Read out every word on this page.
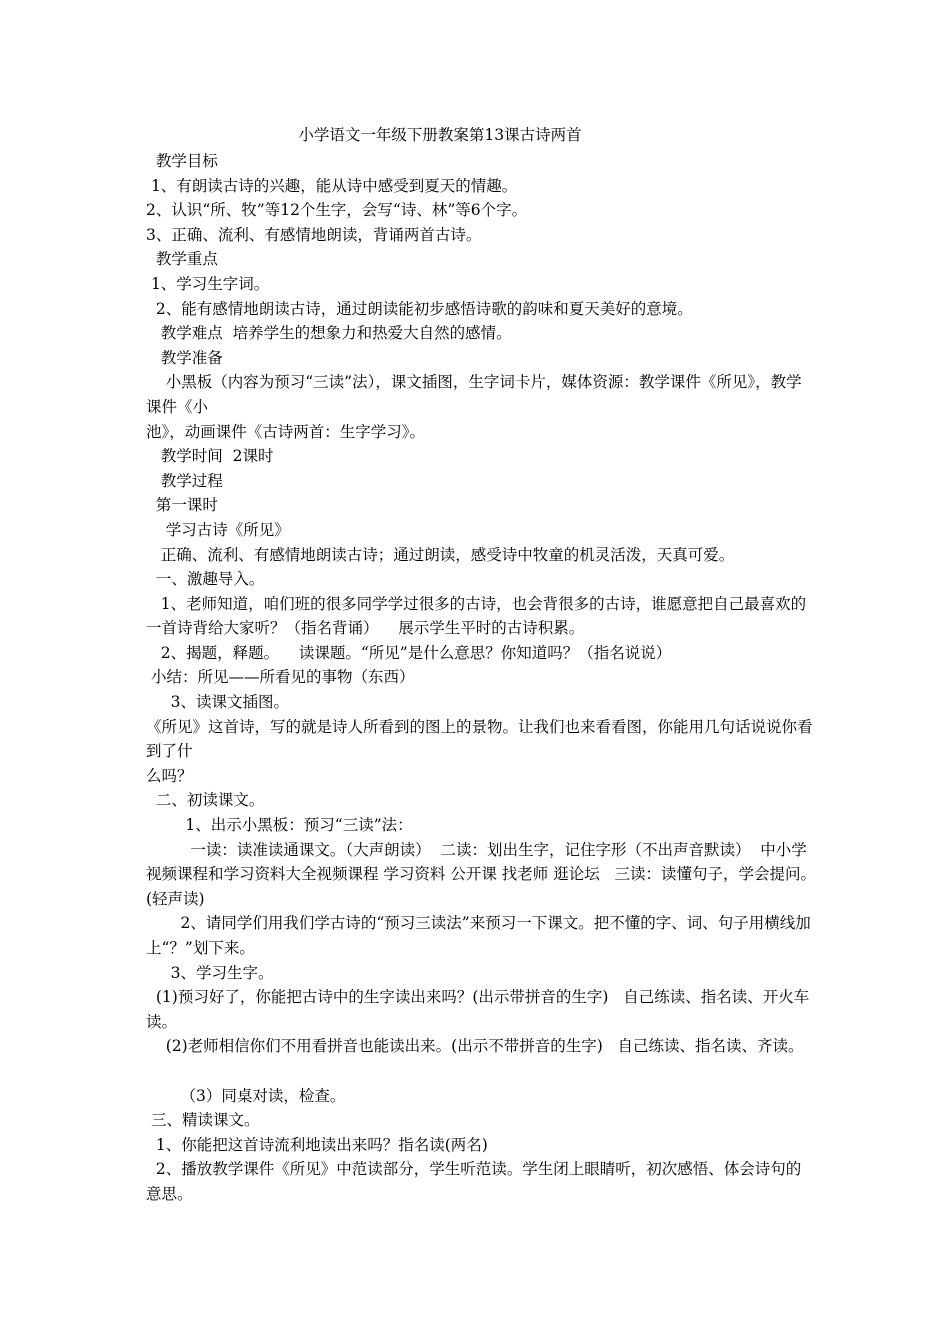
小学语文一年级下册教案第13课古诗两首
教学目标
1、有朗读古诗的兴趣，能从诗中感受到夏天的情趣。
2、认识“所、牧”等12个生字，会写“诗、林”等6个字。
3、正确、流利、有感情地朗读，背诵两首古诗。
教学重点
1、学习生字词。
2、能有感情地朗读古诗，通过朗读能初步感悟诗歌的韵味和夏天美好的意境。
教学难点  培养学生的想象力和热爱大自然的感情。
教学准备
小黑板（内容为预习“三读”法），课文插图，生字词卡片，媒体资源：教学课件《所见》，教学课件《小
池》，动画课件《古诗两首：生字学习》。
教学时间  2课时
教学过程
第一课时
学习古诗《所见》
正确、流利、有感情地朗读古诗；通过朗读，感受诗中牧童的机灵活泼，天真可爱。
一、激趣导入。
1、老师知道，咱们班的很多同学学过很多的古诗，也会背很多的古诗，谁愿意把自己最喜欢的一首诗背给大家听？（指名背诵）    展示学生平时的古诗积累。
2、揭题，释题。    读课题。“所见”是什么意思？你知道吗？（指名说说）
小结：所见——所看见的事物（东西）
3、读课文插图。
《所见》这首诗，写的就是诗人所看到的图上的景物。让我们也来看看图，你能用几句话说说你看到了什
么吗？
二、初读课文。
1、出示小黑板：预习“三读”法：
一读：读准读通课文。（大声朗读）  二读：划出生字，记住字形（不出声音默读）  中小学视频课程和学习资料大全视频课程 学习资料 公开课 找老师 逛论坛   三读：读懂句子，学会提问。(轻声读)
2、请同学们用我们学古诗的“预习三读法”来预习一下课文。把不懂的字、词、句子用横线加上“？”划下来。
3、学习生字。
(1)预习好了，你能把古诗中的生字读出来吗？(出示带拼音的生字)   自己练读、指名读、开火车读。
(2)老师相信你们不用看拼音也能读出来。(出示不带拼音的生字)   自己练读、指名读、齐读。
（3）同桌对读，检查。
三、精读课文。
1、你能把这首诗流利地读出来吗？指名读(两名)
2、播放教学课件《所见》中范读部分，学生听范读。学生闭上眼睛听，初次感悟、体会诗句的意思。
